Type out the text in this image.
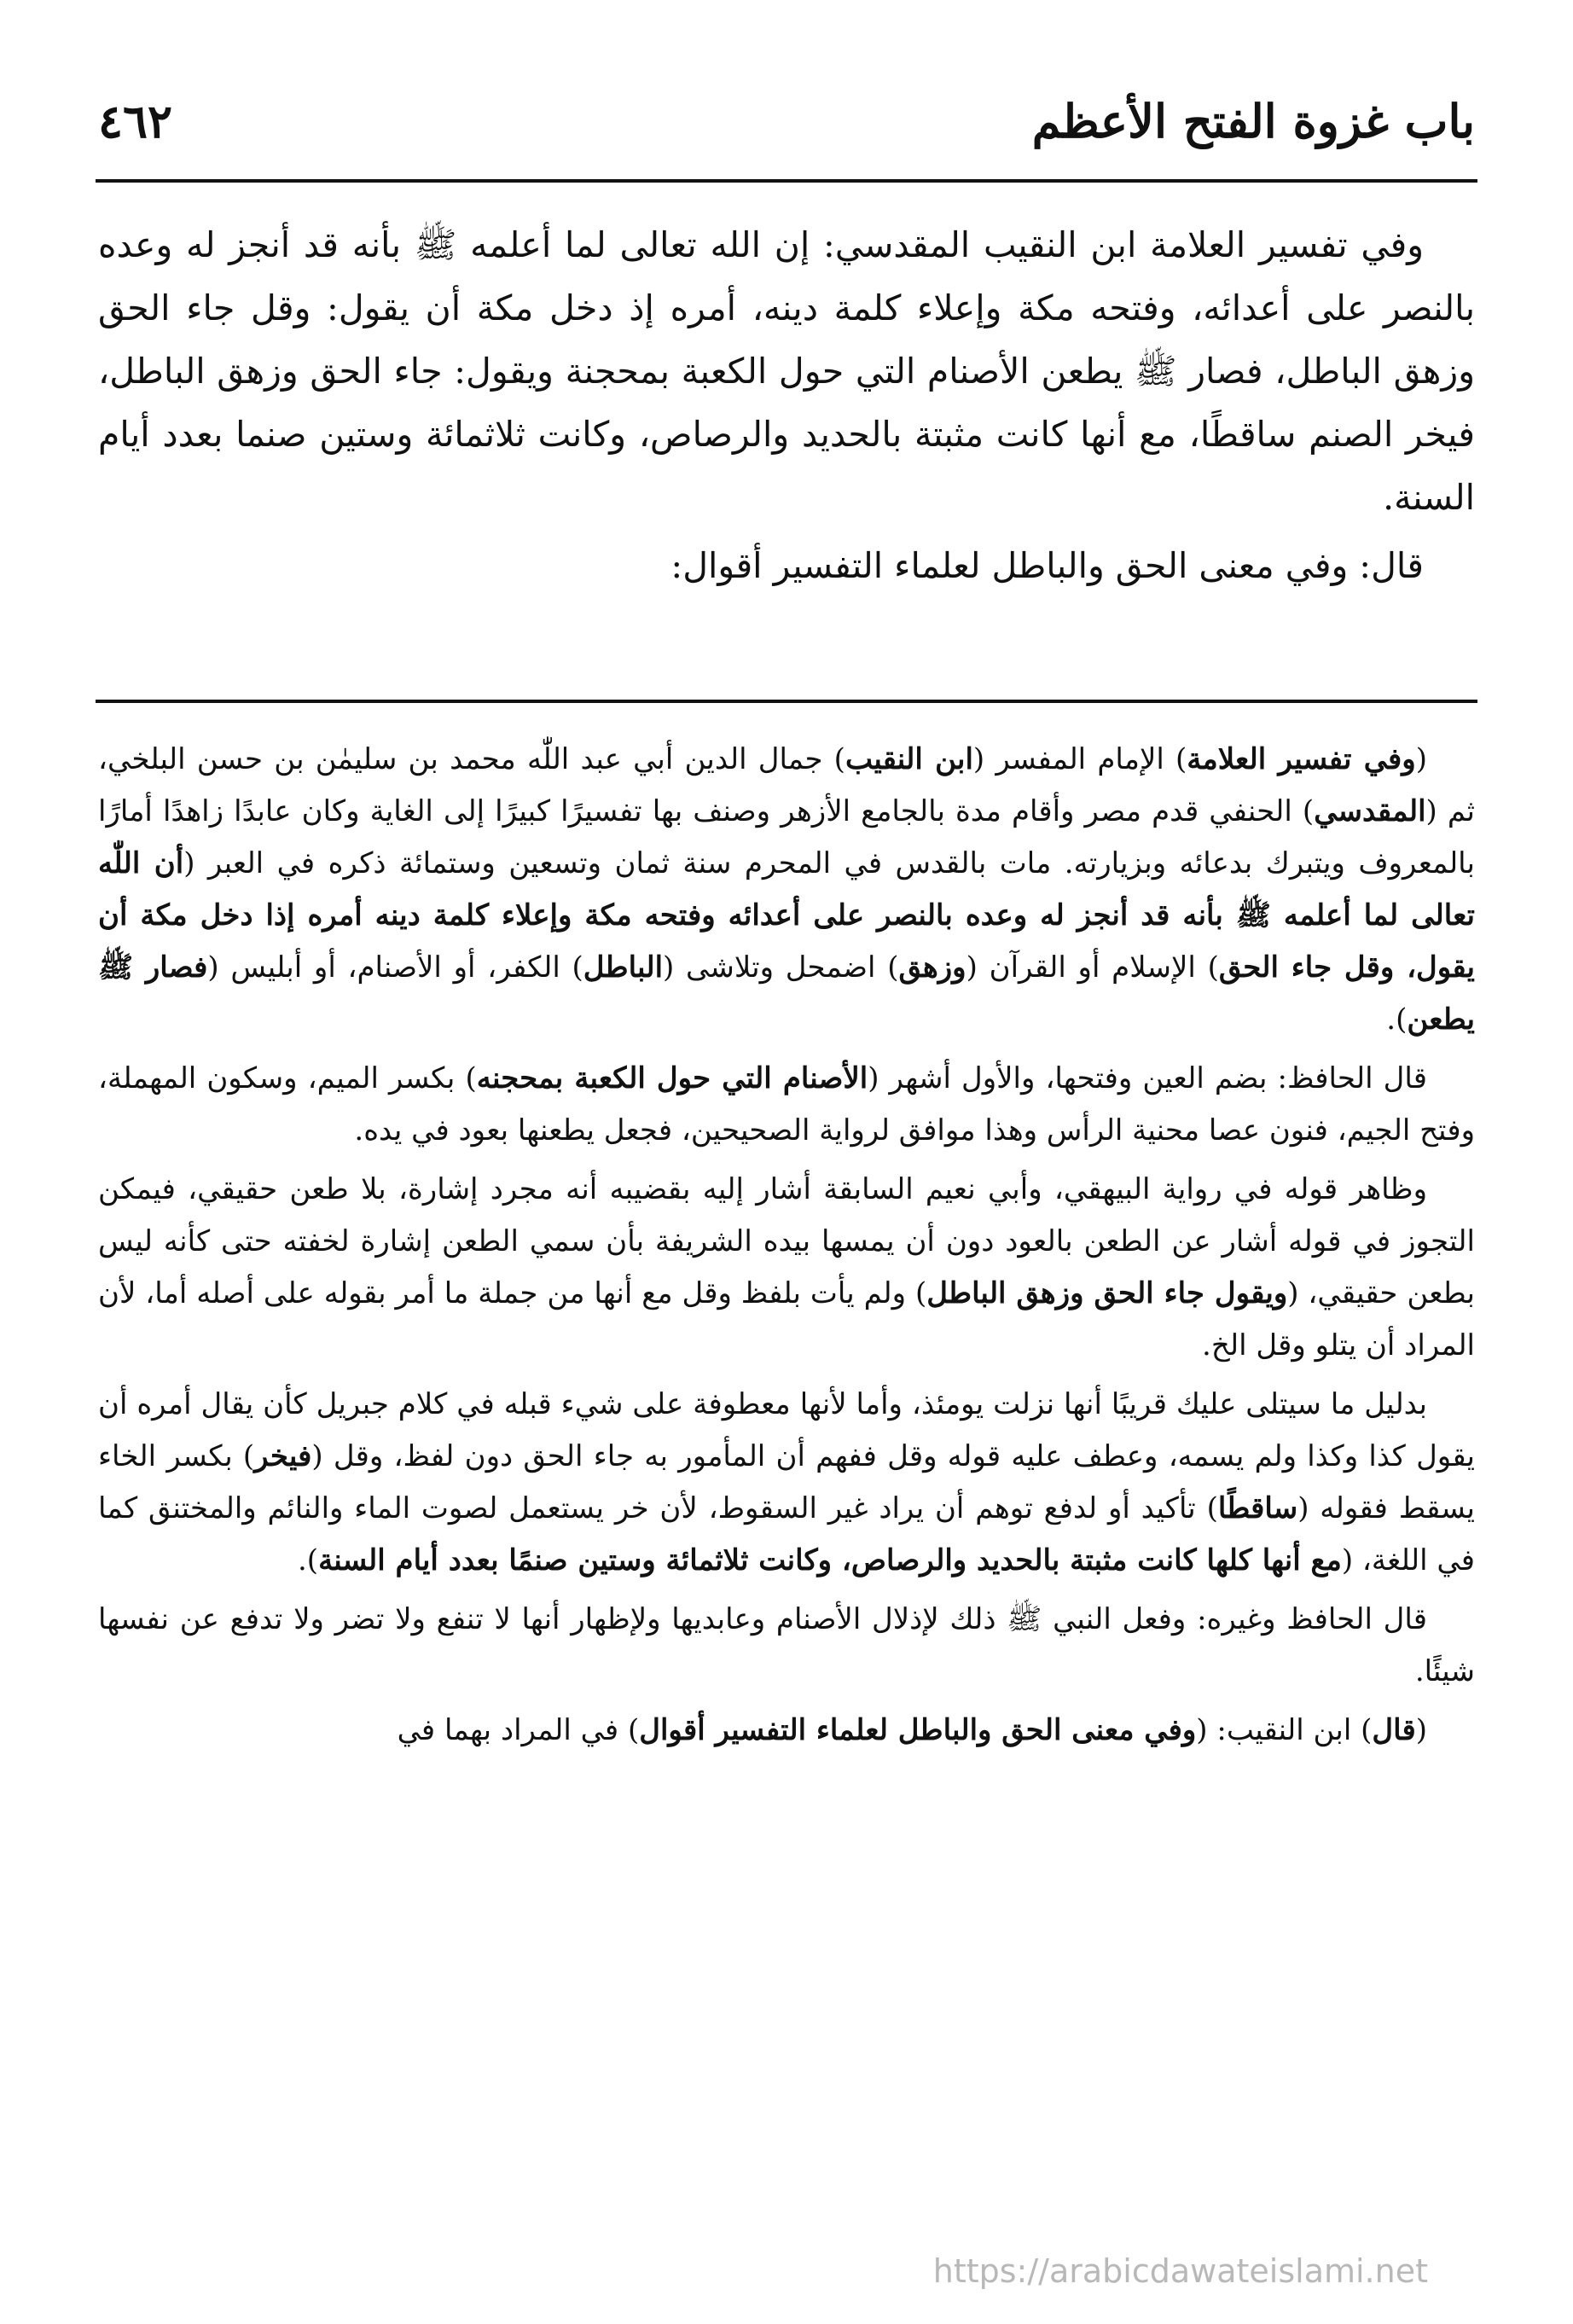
باب غزوة الفتح الأعظم
٤٦٢

وفي تفسير العلامة ابن النقيب المقدسي: إن الله تعالى لما أعلمه ﷺ بأنه قد أنجز له وعده بالنصر على أعدائه، وفتحه مكة وإعلاء كلمة دينه، أمره إذ دخل مكة أن يقول: وقل جاء الحق وزهق الباطل، فصار ﷺ يطعن الأصنام التي حول الكعبة بمحجنة ويقول: جاء الحق وزهق الباطل، فيخر الصنم ساقطًا، مع أنها كانت مثبتة بالحديد والرصاص، وكانت ثلاثمائة وستين صنما بعدد أيام السنة.

قال: وفي معنى الحق والباطل لعلماء التفسير أقوال:

(وفي تفسير العلامة) الإمام المفسر (ابن النقيب) جمال الدين أبي عبد اللّٰه محمد بن سليمٰن بن حسن البلخي، ثم (المقدسي) الحنفي قدم مصر وأقام مدة بالجامع الأزهر وصنف بها تفسيرًا كبيرًا إلى الغاية وكان عابدًا زاهدًا أمارًا بالمعروف ويتبرك بدعائه وبزيارته. مات بالقدس في المحرم سنة ثمان وتسعين وستمائة ذكره في العبر (أن اللّٰه تعالى لما أعلمه ﷺ بأنه قد أنجز له وعده بالنصر على أعدائه وفتحه مكة وإعلاء كلمة دينه أمره إذا دخل مكة أن يقول، وقل جاء الحق) الإسلام أو القرآن (وزهق) اضمحل وتلاشى (الباطل) الكفر، أو الأصنام، أو أبليس (فصار ﷺ يطعن).

قال الحافظ: بضم العين وفتحها، والأول أشهر (الأصنام التي حول الكعبة بمحجنه) بكسر الميم، وسكون المهملة، وفتح الجيم، فنون عصا محنية الرأس وهذا موافق لرواية الصحيحين، فجعل يطعنها بعود في يده.

وظاهر قوله في رواية البيهقي، وأبي نعيم السابقة أشار إليه بقضيبه أنه مجرد إشارة، بلا طعن حقيقي، فيمكن التجوز في قوله أشار عن الطعن بالعود دون أن يمسها بيده الشريفة بأن سمي الطعن إشارة لخفته حتى كأنه ليس بطعن حقيقي، (ويقول جاء الحق وزهق الباطل) ولم يأت بلفظ وقل مع أنها من جملة ما أمر بقوله على أصله أما، لأن المراد أن يتلو وقل الخ.

بدليل ما سيتلى عليك قريبًا أنها نزلت يومئذ، وأما لأنها معطوفة على شيء قبله في كلام جبريل كأن يقال أمره أن يقول كذا وكذا ولم يسمه، وعطف عليه قوله وقل ففهم أن المأمور به جاء الحق دون لفظ، وقل (فيخر) بكسر الخاء يسقط فقوله (ساقطًا) تأكيد أو لدفع توهم أن يراد غير السقوط، لأن خر يستعمل لصوت الماء والنائم والمختنق كما في اللغة، (مع أنها كلها كانت مثبتة بالحديد والرصاص، وكانت ثلاثمائة وستين صنمًا بعدد أيام السنة).

قال الحافظ وغيره: وفعل النبي ﷺ ذلك لإذلال الأصنام وعابديها ولإظهار أنها لا تنفع ولا تضر ولا تدفع عن نفسها شيئًا.

(قال) ابن النقيب: (وفي معنى الحق والباطل لعلماء التفسير أقوال) في المراد بهما في

https://arabicdawateislami.net
